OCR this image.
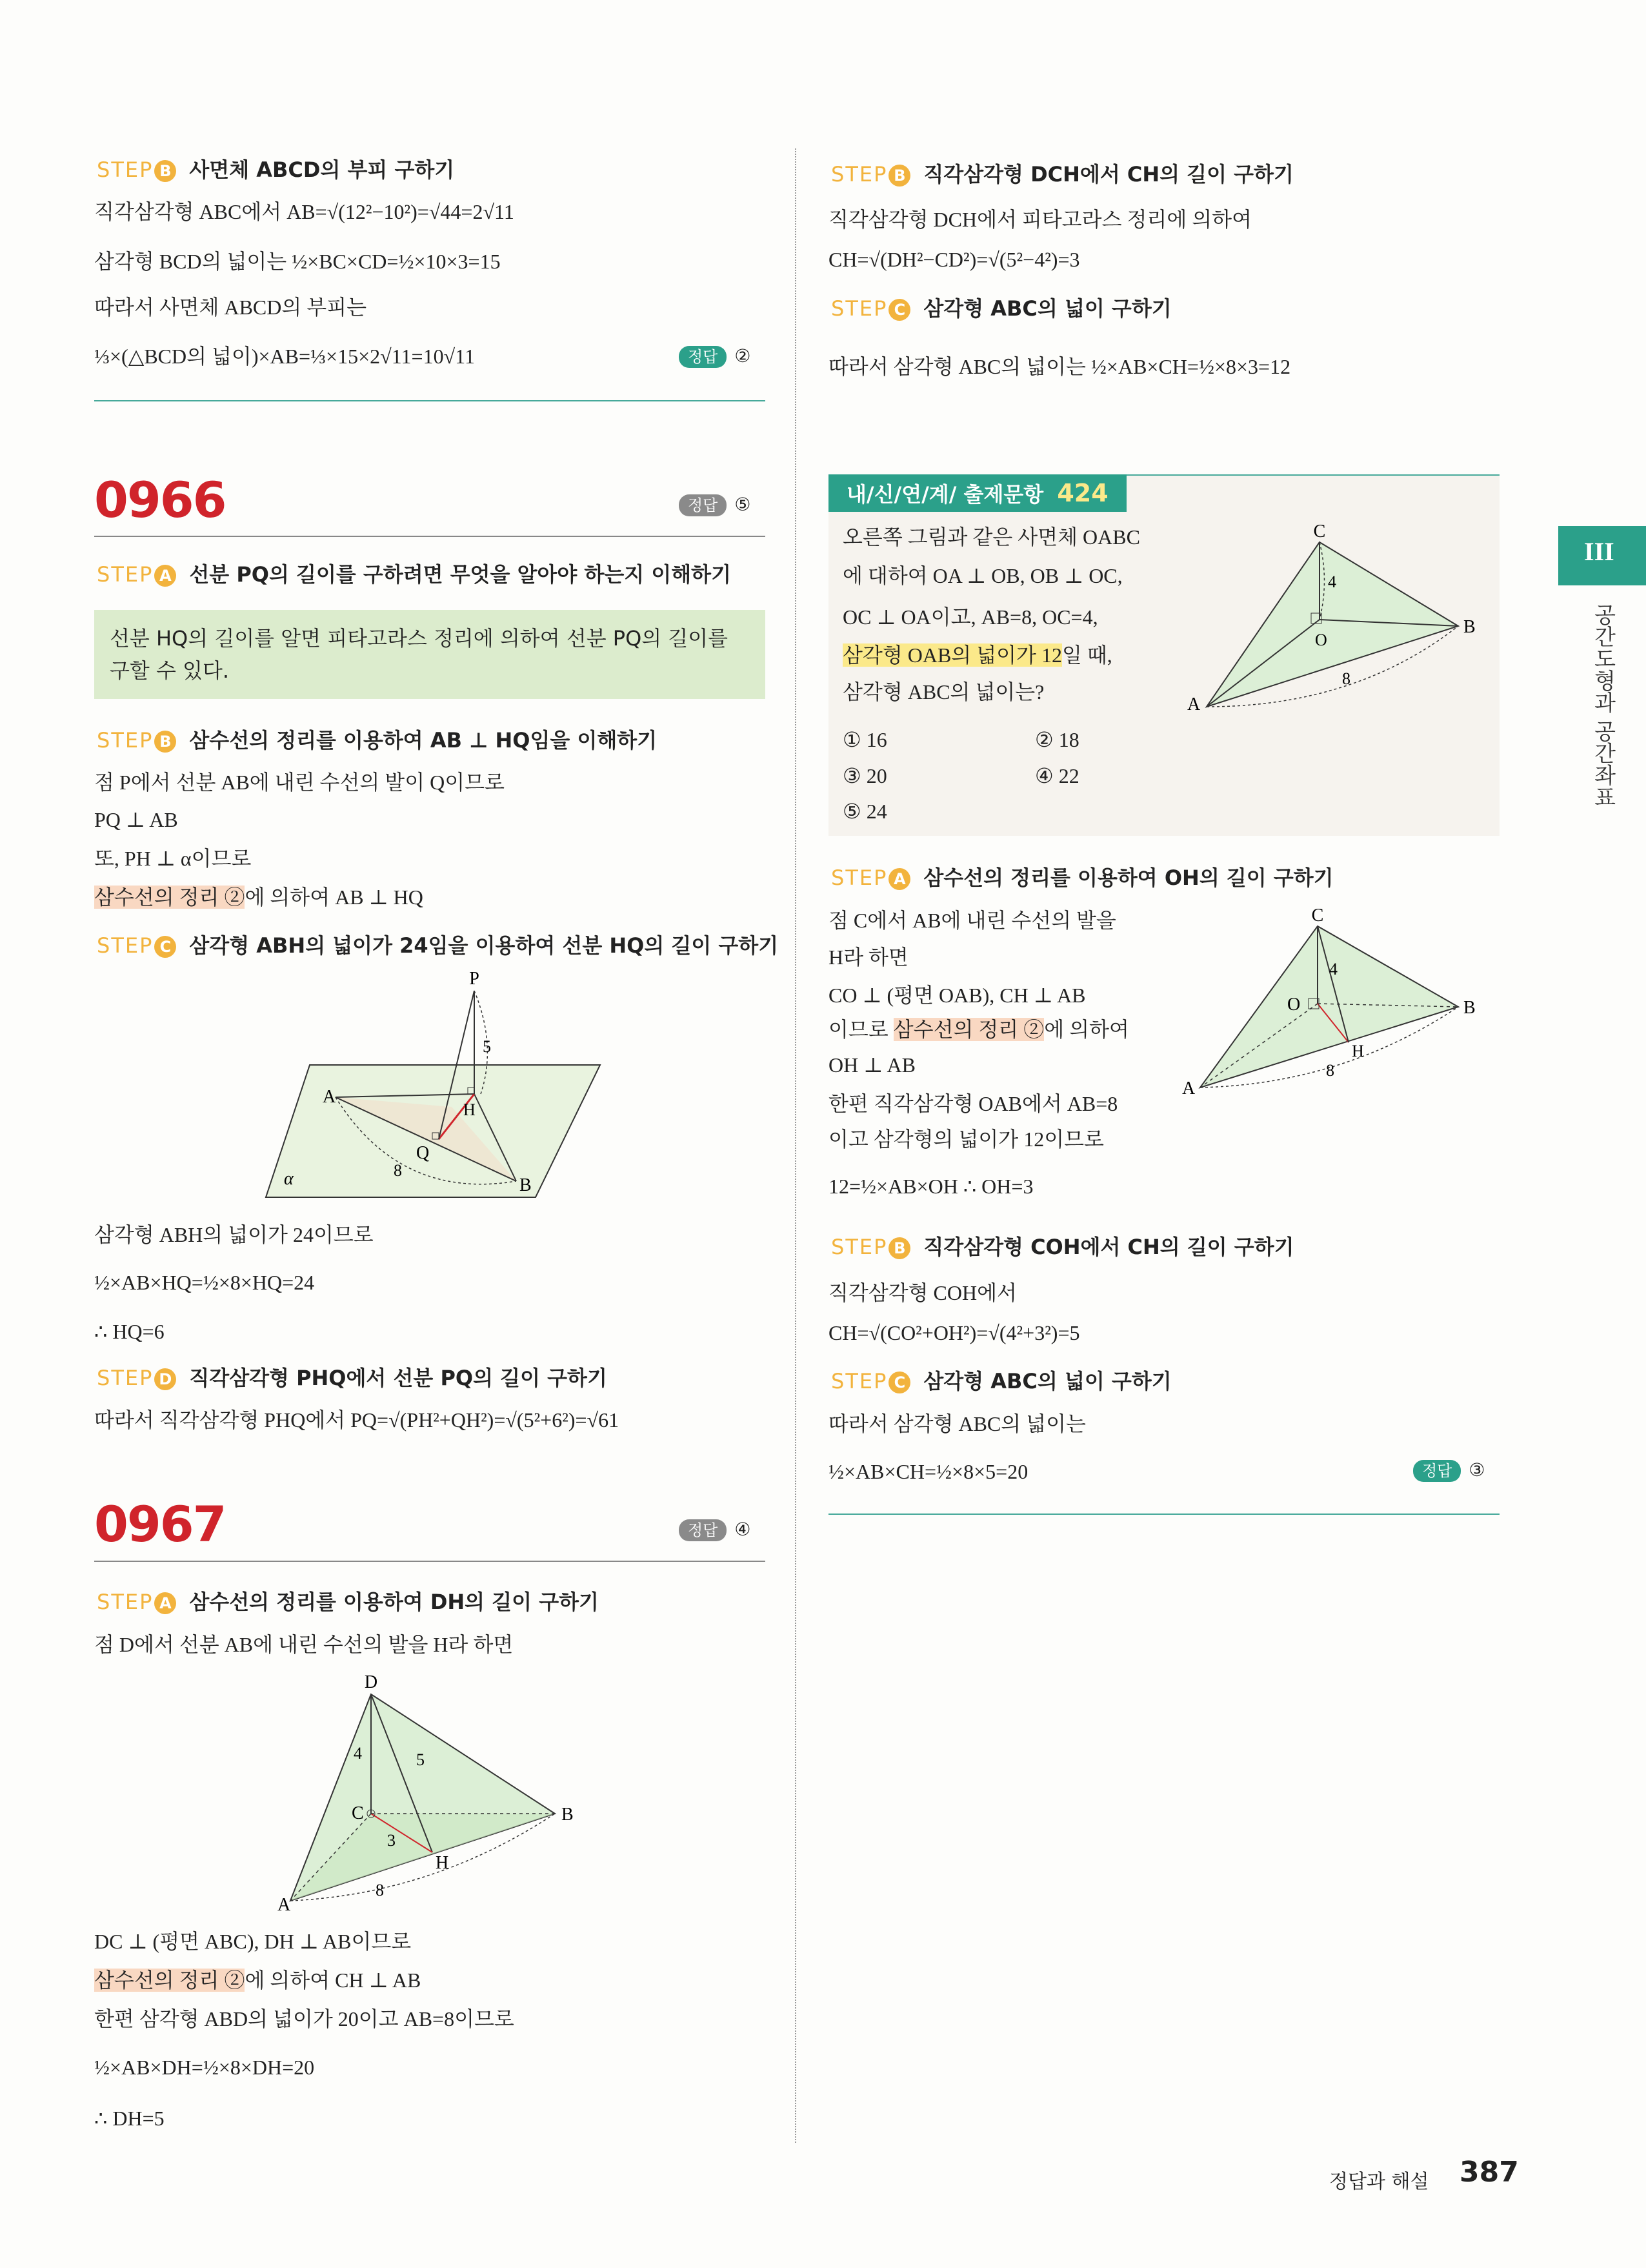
STEP B 사면체 ABCD의 부피 구하기
직각삼각형 ABC에서 AB=√(12²−10²)=√44=2√11
삼각형 BCD의 넓이는 ½×BC×CD=½×10×3=15
따라서 사면체 ABCD의 부피는
⅓×(△BCD의 넓이)×AB=⅓×15×2√11=10√11	정답 ②
0966	정답 ⑤
STEP A 선분 PQ의 길이를 구하려면 무엇을 알아야 하는지 이해하기
선분 HQ의 길이를 알면 피타고라스 정리에 의하여 선분 PQ의 길이를
구할 수 있다.
STEP B 삼수선의 정리를 이용하여 AB ⊥ HQ임을 이해하기
점 P에서 선분 AB에 내린 수선의 발이 Q이므로
PQ ⊥ AB
또, PH ⊥ α이므로
삼수선의 정리 ②에 의하여 AB ⊥ HQ
STEP C 삼각형 ABH의 넓이가 24임을 이용하여 선분 HQ의 길이 구하기
P
5
A
H
Q
8
B
α
삼각형 ABH의 넓이가 24이므로
½×AB×HQ=½×8×HQ=24
∴ HQ=6
STEP D 직각삼각형 PHQ에서 선분 PQ의 길이 구하기
따라서 직각삼각형 PHQ에서 PQ=√(PH²+QH²)=√(5²+6²)=√61
0967	정답 ④
STEP A 삼수선의 정리를 이용하여 DH의 길이 구하기
점 D에서 선분 AB에 내린 수선의 발을 H라 하면
D
4	5
C
3
H
B
A
8
DC ⊥ (평면 ABC), DH ⊥ AB이므로
삼수선의 정리 ②에 의하여 CH ⊥ AB
한편 삼각형 ABD의 넓이가 20이고 AB=8이므로
½×AB×DH=½×8×DH=20
∴ DH=5
STEP B 직각삼각형 DCH에서 CH의 길이 구하기
직각삼각형 DCH에서 피타고라스 정리에 의하여
CH=√(DH²−CD²)=√(5²−4²)=3
STEP C 삼각형 ABC의 넓이 구하기
따라서 삼각형 ABC의 넓이는 ½×AB×CH=½×8×3=12
내/신/연/계/ 출제문항 424
오른쪽 그림과 같은 사면체 OABC
에 대하여 OA ⊥ OB, OB ⊥ OC,
OC ⊥ OA이고, AB=8, OC=4,
삼각형 OAB의 넓이가 12일 때,
삼각형 ABC의 넓이는?
① 16	② 18
③ 20	④ 22
⑤ 24
C
4
B
O
8
A
STEP A 삼수선의 정리를 이용하여 OH의 길이 구하기
점 C에서 AB에 내린 수선의 발을
H라 하면
CO ⊥ (평면 OAB), CH ⊥ AB
이므로 삼수선의 정리 ②에 의하여
OH ⊥ AB
한편 직각삼각형 OAB에서 AB=8
이고 삼각형의 넓이가 12이므로
12=½×AB×OH ∴ OH=3
C
4
O	B
H
8
A
STEP B 직각삼각형 COH에서 CH의 길이 구하기
직각삼각형 COH에서
CH=√(CO²+OH²)=√(4²+3²)=5
STEP C 삼각형 ABC의 넓이 구하기
따라서 삼각형 ABC의 넓이는
½×AB×CH=½×8×5=20	정답 ③
III
공간도형과 공간좌표
정답과 해설 387
